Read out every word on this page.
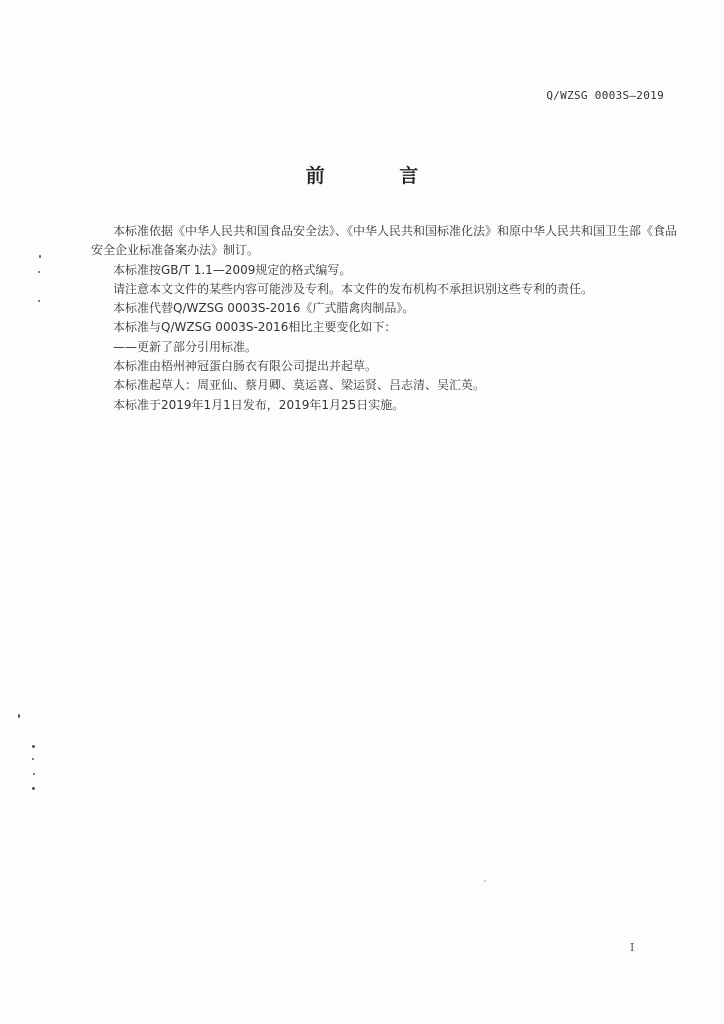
Q/WZSG 0003S—2019
前 言

本标准依据《中华人民共和国食品安全法》、《中华人民共和国标准化法》和原中华人民共和国卫生部《食品安全企业标准备案办法》制订。

本标准按GB/T 1.1—2009规定的格式编写。

请注意本文文件的某些内容可能涉及专利。本文件的发布机构不承担识别这些专利的责任。

本标准代替Q/WZSG 0003S-2016《广式腊禽肉制品》。

本标准与Q/WZSG 0003S-2016相比主要变化如下：

——更新了部分引用标准。

本标准由梧州神冠蛋白肠衣有限公司提出并起草。

本标准起草人：周亚仙、蔡月卿、莫运喜、梁运贤、吕志清、吴汇英。

本标准于2019年1月1日发布，2019年1月25日实施。

I
